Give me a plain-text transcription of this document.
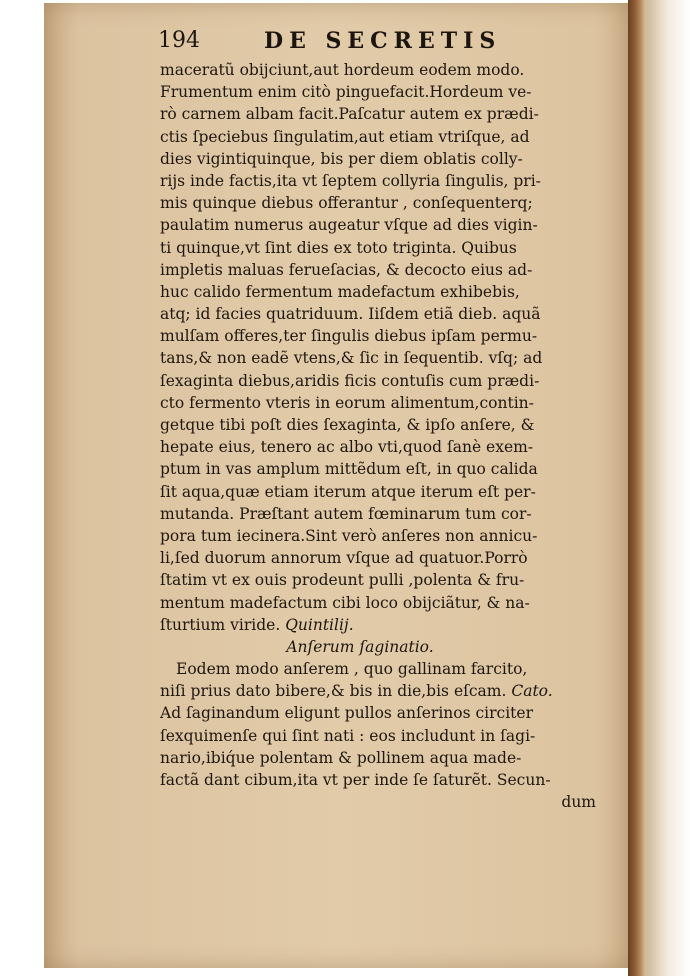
194	DE SECRETIS
maceratũ obijciunt,aut hordeum eodem modo.
Frumentum enim citò pinguefacit.Hordeum ve-
rò carnem albam facit.Paſcatur autem ex prædi-
ctis ſpeciebus ſingulatim,aut etiam vtriſque, ad
dies vigintiquinque, bis per diem oblatis colly-
rijs inde factis,ita vt ſeptem collyria ſingulis, pri-
mis quinque diebus offerantur , conſequenterq;
paulatim numerus augeatur vſque ad dies vigin-
ti quinque,vt ſint dies ex toto triginta. Quibus
impletis maluas ferueſacias, & decocto eius ad-
huc calido fermentum madefactum exhibebis,
atq; id facies quatriduum. Iiſdem etiã dieb. aquã
mulſam offeres,ter ſingulis diebus ipſam permu-
tans,& non eadẽ vtens,& ſic in ſequentib. vſq; ad
ſexaginta diebus,aridis ficis contuſis cum prædi-
cto fermento vteris in eorum alimentum,contin-
getque tibi poſt dies ſexaginta, & ipſo anſere, &
hepate eius, tenero ac albo vti,quod ſanè exem-
ptum in vas amplum mittẽdum eſt, in quo calida
ſit aqua,quæ etiam iterum atque iterum eſt per-
mutanda. Præſtant autem fœminarum tum cor-
pora tum iecinera.Sint verò anſeres non annicu-
li,ſed duorum annorum vſque ad quatuor.Porrò
ſtatim vt ex ouis prodeunt pulli ,polenta & fru-
mentum madefactum cibi loco obijciãtur, & na-
ſturtium viride. Quintilij.
Anſerum ſaginatio.
Eodem modo anſerem , quo gallinam farcito,
niſi prius dato bibere,& bis in die,bis eſcam. Cato.
Ad ſaginandum eligunt pullos anſerinos circiter
ſexquimenſe qui ſint nati : eos includunt in ſagi-
nario,ibiq́ue polentam & pollinem aqua made-
factã dant cibum,ita vt per inde ſe ſaturẽt. Secun-
dum
